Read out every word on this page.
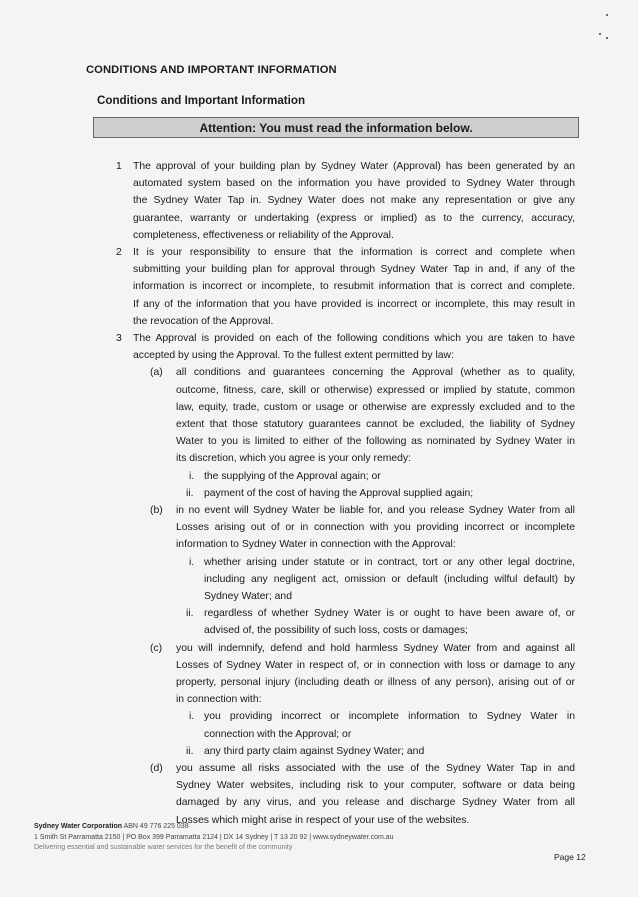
CONDITIONS AND IMPORTANT INFORMATION
Conditions and Important Information
Attention: You must read the information below.
1 The approval of your building plan by Sydney Water (Approval) has been generated by an
automated system based on the information you have provided to Sydney Water through
the Sydney Water Tap in. Sydney Water does not make any representation or give any
guarantee, warranty or undertaking (express or implied) as to the currency, accuracy,
completeness, effectiveness or reliability of the Approval.
2 It is your responsibility to ensure that the information is correct and complete when
submitting your building plan for approval through Sydney Water Tap in and, if any of the
information is incorrect or incomplete, to resubmit information that is correct and complete.
If any of the information that you have provided is incorrect or incomplete, this may result in
the revocation of the Approval.
3 The Approval is provided on each of the following conditions which you are taken to have
accepted by using the Approval. To the fullest extent permitted by law:
(a) all conditions and guarantees concerning the Approval (whether as to quality,
outcome, fitness, care, skill or otherwise) expressed or implied by statute, common
law, equity, trade, custom or usage or otherwise are expressly excluded and to the
extent that those statutory guarantees cannot be excluded, the liability of Sydney
Water to you is limited to either of the following as nominated by Sydney Water in
its discretion, which you agree is your only remedy:
i. the supplying of the Approval again; or
ii. payment of the cost of having the Approval supplied again;
(b) in no event will Sydney Water be liable for, and you release Sydney Water from all
Losses arising out of or in connection with you providing incorrect or incomplete
information to Sydney Water in connection with the Approval:
i. whether arising under statute or in contract, tort or any other legal doctrine,
including any negligent act, omission or default (including wilful default) by
Sydney Water; and
ii. regardless of whether Sydney Water is or ought to have been aware of, or
advised of, the possibility of such loss, costs or damages;
(c) you will indemnify, defend and hold harmless Sydney Water from and against all
Losses of Sydney Water in respect of, or in connection with loss or damage to any
property, personal injury (including death or illness of any person), arising out of or
in connection with:
i. you providing incorrect or incomplete information to Sydney Water in
connection with the Approval; or
ii. any third party claim against Sydney Water; and
(d) you assume all risks associated with the use of the Sydney Water Tap in and
Sydney Water websites, including risk to your computer, software or data being
damaged by any virus, and you release and discharge Sydney Water from all
Losses which might arise in respect of your use of the websites.
Sydney Water Corporation ABN 49 776 225 038
1 Smith St Parramatta 2150 | PO Box 399 Parramatta 2124 | DX 14 Sydney | T 13 20 92 | www.sydneywater.com.au
Delivering essential and sustainable water services for the benefit of the community
Page 12
